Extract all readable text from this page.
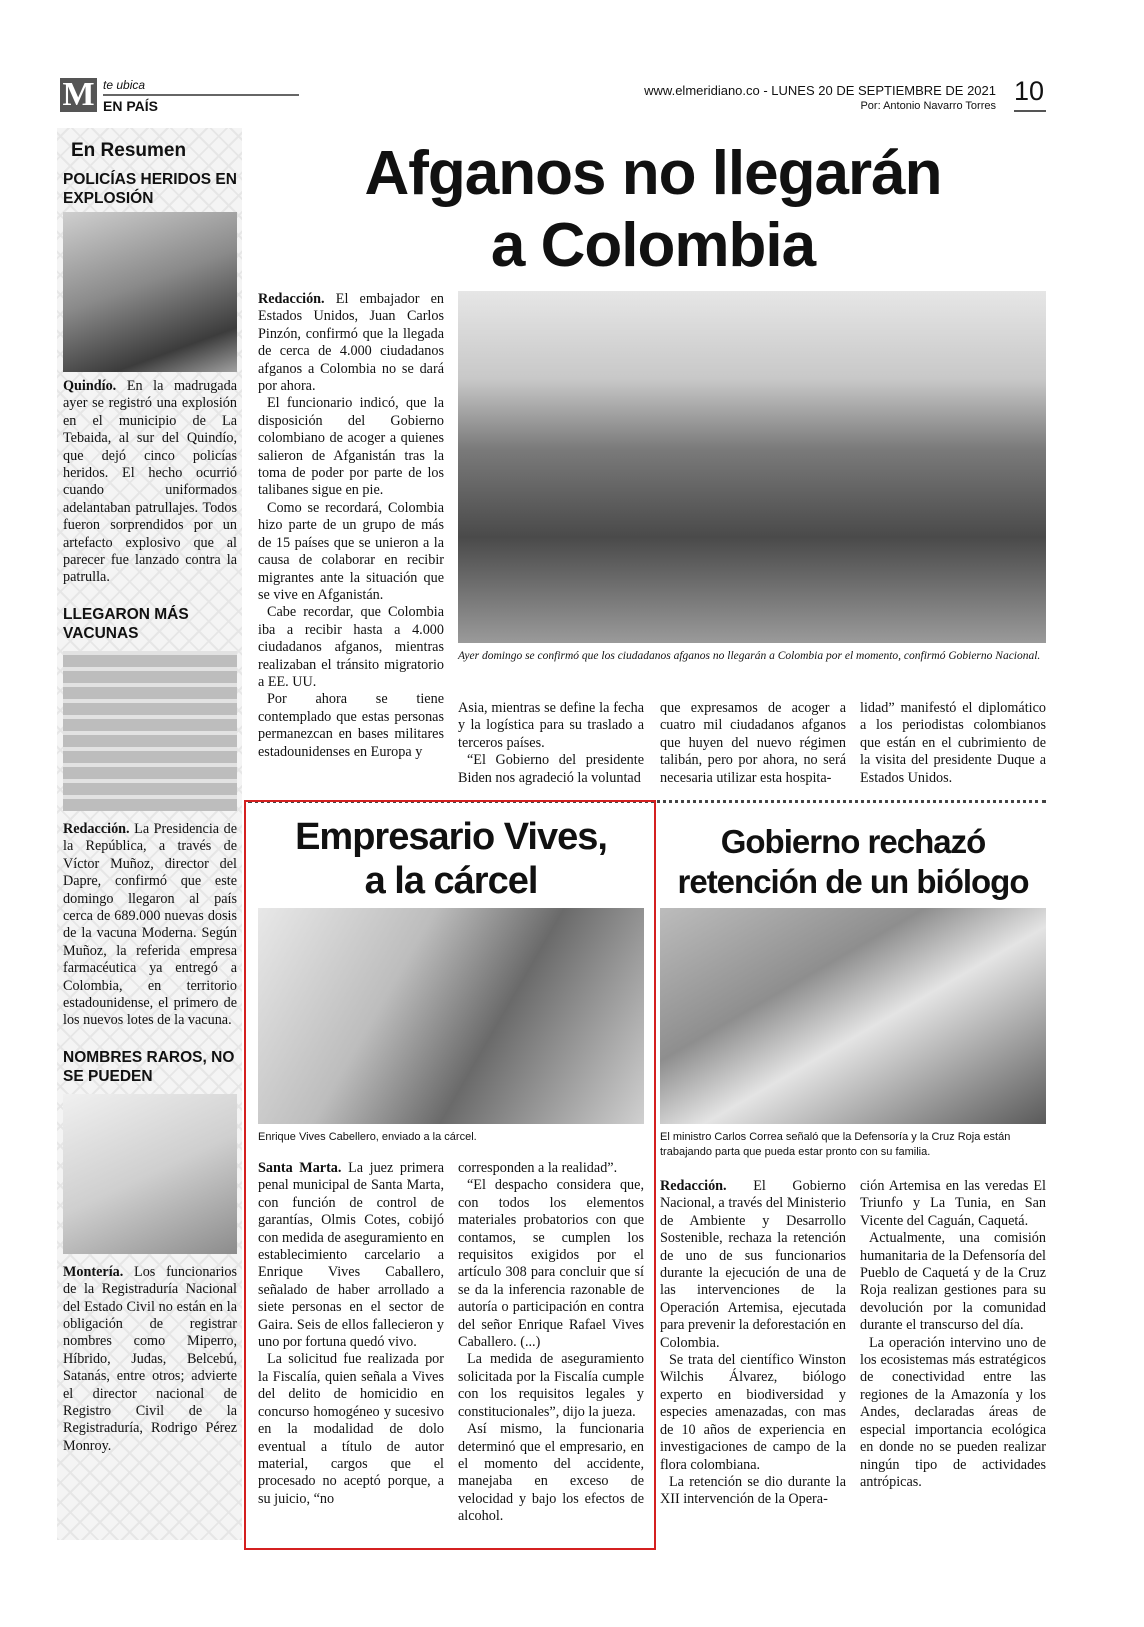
M te ubica
EN PAÍS
www.elmeridiano.co - LUNES 20 DE SEPTIEMBRE DE 2021
Por: Antonio Navarro Torres 10
En Resumen
POLICÍAS HERIDOS EN EXPLOSIÓN

Quindío. En la madrugada ayer se registró una explosión en el municipio de La Tebaida, al sur del Quindío, que dejó cinco policías heridos. El hecho ocurrió cuando uniformados adelantaban patrullajes. Todos fueron sorprendidos por un artefacto explosivo que al parecer fue lanzado contra la patrulla.

LLEGARON MÁS VACUNAS

Redacción. La Presidencia de la República, a través de Víctor Muñoz, director del Dapre, confirmó que este domingo llegaron al país cerca de 689.000 nuevas dosis de la vacuna Moderna. Según Muñoz, la referida empresa farmacéutica ya entregó a Colombia, en territorio estadounidense, el primero de los nuevos lotes de la vacuna.

NOMBRES RAROS, NO SE PUEDEN

Montería. Los funcionarios de la Registraduría Nacional del Estado Civil no están en la obligación de registrar nombres como Miperro, Híbrido, Judas, Belcebú, Satanás, entre otros; advierte el director nacional de Registro Civil de la Registraduría, Rodrigo Pérez Monroy.

Afganos no llegarán
a Colombia

Redacción. El embajador en Estados Unidos, Juan Carlos Pinzón, confirmó que la llegada de cerca de 4.000 ciudadanos afganos a Colombia no se dará por ahora.

El funcionario indicó, que la disposición del Gobierno colombiano de acoger a quienes salieron de Afganistán tras la toma de poder por parte de los talibanes sigue en pie.

Como se recordará, Colombia hizo parte de un grupo de más de 15 países que se unieron a la causa de colaborar en recibir migrantes ante la situación que se vive en Afganistán.

Cabe recordar, que Colombia iba a recibir hasta a 4.000 ciudadanos afganos, mientras realizaban el tránsito migratorio a EE. UU.

Por ahora se tiene contemplado que estas personas permanezcan en bases militares estadounidenses en Europa y

Ayer domingo se confirmó que los ciudadanos afganos no llegarán a Colombia por el momento, confirmó Gobierno Nacional.

Asia, mientras se define la fecha y la logística para su traslado a terceros países.

“El Gobierno del presidente Biden nos agradeció la voluntad

que expresamos de acoger a cuatro mil ciudadanos afganos que huyen del nuevo régimen talibán, pero por ahora, no será necesaria utilizar esta hospita-

lidad” manifestó el diplomático a los periodistas colombianos que están en el cubrimiento de la visita del presidente Duque a Estados Unidos.

Empresario Vives,
a la cárcel
Enrique Vives Cabellero, enviado a la cárcel.

Santa Marta. La juez primera penal municipal de Santa Marta, con función de control de garantías, Olmis Cotes, cobijó con medida de aseguramiento en establecimiento carcelario a Enrique Vives Caballero, señalado de haber arrollado a siete personas en el sector de Gaira. Seis de ellos fallecieron y uno por fortuna quedó vivo.

La solicitud fue realizada por la Fiscalía, quien señala a Vives del delito de homicidio en concurso homogéneo y sucesivo en la modalidad de dolo eventual a título de autor material, cargos que el procesado no aceptó porque, a su juicio, “no

corresponden a la realidad”.

“El despacho considera que, con todos los elementos materiales probatorios con que contamos, se cumplen los requisitos exigidos por el artículo 308 para concluir que sí se da la inferencia razonable de autoría o participación en contra del señor Enrique Rafael Vives Caballero. (...)

La medida de aseguramiento solicitada por la Fiscalía cumple con los requisitos legales y constitucionales”, dijo la jueza.

Así mismo, la funcionaria determinó que el empresario, en el momento del accidente, manejaba en exceso de velocidad y bajo los efectos de alcohol.

Gobierno rechazó
retención de un biólogo
El ministro Carlos Correa señaló que la Defensoría y la Cruz Roja están trabajando parta que pueda estar pronto con su familia.

Redacción. El Gobierno Nacional, a través del Ministerio de Ambiente y Desarrollo Sostenible, rechaza la retención de uno de sus funcionarios durante la ejecución de una de las intervenciones de la Operación Artemisa, ejecutada para prevenir la deforestación en Colombia.

Se trata del científico Winston Wilchis Álvarez, biólogo experto en biodiversidad y especies amenazadas, con mas de 10 años de experiencia en investigaciones de campo de la flora colombiana.

La retención se dio durante la XII intervención de la Opera-

ción Artemisa en las veredas El Triunfo y La Tunia, en San Vicente del Caguán, Caquetá.

Actualmente, una comisión humanitaria de la Defensoría del Pueblo de Caquetá y de la Cruz Roja realizan gestiones para su devolución por la comunidad durante el transcurso del día.

La operación intervino uno de los ecosistemas más estratégicos de conectividad entre las regiones de la Amazonía y los Andes, declaradas áreas de especial importancia ecológica en donde no se pueden realizar ningún tipo de actividades antrópicas.
